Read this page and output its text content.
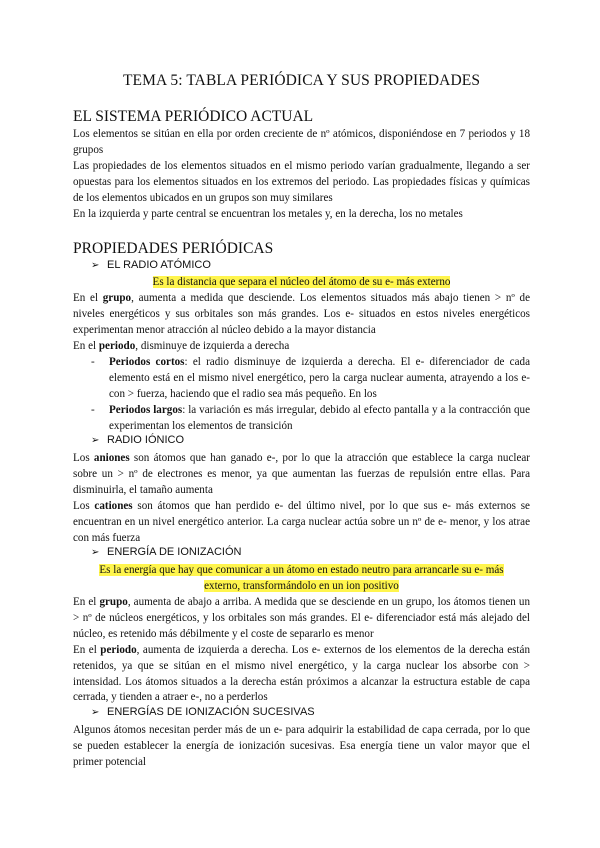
TEMA 5: TABLA PERIÓDICA Y SUS PROPIEDADES
EL SISTEMA PERIÓDICO ACTUAL
Los elementos se sitúan en ella por orden creciente de nº atómicos, disponiéndose en 7 periodos y 18 grupos
Las propiedades de los elementos situados en el mismo periodo varían gradualmente, llegando a ser opuestas para los elementos situados en los extremos del periodo. Las propiedades físicas y químicas de los elementos ubicados en un grupos son muy similares
En la izquierda y parte central se encuentran los metales y, en la derecha, los no metales
PROPIEDADES PERIÓDICAS
➢ EL RADIO ATÓMICO
Es la distancia que separa el núcleo del átomo de su e- más externo
En el grupo, aumenta a medida que desciende. Los elementos situados más abajo tienen > nº de niveles energéticos y sus orbitales son más grandes. Los e- situados en estos niveles energéticos experimentan menor atracción al núcleo debido a la mayor distancia
En el periodo, disminuye de izquierda a derecha
- Periodos cortos: el radio disminuye de izquierda a derecha. El e- diferenciador de cada elemento está en el mismo nivel energético, pero la carga nuclear aumenta, atrayendo a los e- con > fuerza, haciendo que el radio sea más pequeño. En los
- Periodos largos: la variación es más irregular, debido al efecto pantalla y a la contracción que experimentan los elementos de transición
➢ RADIO IÓNICO
Los aniones son átomos que han ganado e-, por lo que la atracción que establece la carga nuclear sobre un > nº de electrones es menor, ya que aumentan las fuerzas de repulsión entre ellas. Para disminuirla, el tamaño aumenta
Los cationes son átomos que han perdido e- del último nivel, por lo que sus e- más externos se encuentran en un nivel energético anterior. La carga nuclear actúa sobre un nº de e- menor, y los atrae con más fuerza
➢ ENERGÍA DE IONIZACIÓN
Es la energía que hay que comunicar a un átomo en estado neutro para arrancarle su e- más
externo, transformándolo en un ion positivo
En el grupo, aumenta de abajo a arriba. A medida que se desciende en un grupo, los átomos tienen un > nº de núcleos energéticos, y los orbitales son más grandes. El e- diferenciador está más alejado del núcleo, es retenido más débilmente y el coste de separarlo es menor
En el periodo, aumenta de izquierda a derecha. Los e- externos de los elementos de la derecha están retenidos, ya que se sitúan en el mismo nivel energético, y la carga nuclear los absorbe con > intensidad. Los átomos situados a la derecha están próximos a alcanzar la estructura estable de capa cerrada, y tienden a atraer e-, no a perderlos
➢ ENERGÍAS DE IONIZACIÓN SUCESIVAS
Algunos átomos necesitan perder más de un e- para adquirir la estabilidad de capa cerrada, por lo que se pueden establecer la energía de ionización sucesivas. Esa energía tiene un valor mayor que el primer potencial
